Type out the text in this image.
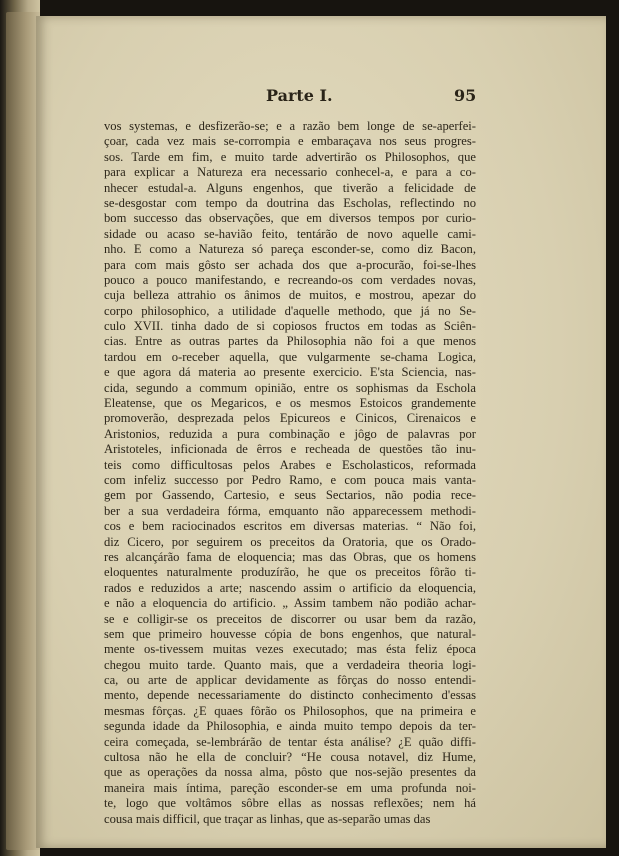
Parte I.	95
vos systemas, e desfizerão-se; e a razão bem longe de se-aperfei-
çoar, cada vez mais se-corrompia e embaraçava nos seus progres-
sos. Tarde em fim, e muito tarde advertirão os Philosophos, que
para explicar a Natureza era necessario conhecel-a, e para a co-
nhecer estudal-a. Alguns engenhos, que tiverão a felicidade de
se-desgostar com tempo da doutrina das Escholas, reflectindo no
bom successo das observações, que em diversos tempos por curio-
sidade ou acaso se-havião feito, tentárão de novo aquelle cami-
nho. E como a Natureza só pareça esconder-se, como diz Bacon,
para com mais gôsto ser achada dos que a-procurão, foi-se-lhes
pouco a pouco manifestando, e recreando-os com verdades novas,
cuja belleza attrahio os ânimos de muitos, e mostrou, apezar do
corpo philosophico, a utilidade d'aquelle methodo, que já no Se-
culo XVII. tinha dado de si copiosos fructos em todas as Sciên-
cias. Entre as outras partes da Philosophia não foi a que menos
tardou em o-receber aquella, que vulgarmente se-chama Logica,
e que agora dá materia ao presente exercicio. E'sta Sciencia, nas-
cida, segundo a commum opinião, entre os sophismas da Eschola
Eleatense, que os Megaricos, e os mesmos Estoicos grandemente
promoverão, desprezada pelos Epicureos e Cinicos, Cirenaicos e
Aristonios, reduzida a pura combinação e jôgo de palavras por
Aristoteles, inficionada de êrros e recheada de questões tão inu-
teis como difficultosas pelos Arabes e Escholasticos, reformada
com infeliz successo por Pedro Ramo, e com pouca mais vanta-
gem por Gassendo, Cartesio, e seus Sectarios, não podia rece-
ber a sua verdadeira fórma, emquanto não apparecessem methodi-
cos e bem raciocinados escritos em diversas materias. “ Não foi,
diz Cicero, por seguirem os preceitos da Oratoria, que os Orado-
res alcançárão fama de eloquencia; mas das Obras, que os homens
eloquentes naturalmente produzírão, he que os preceitos fôrão ti-
rados e reduzidos a arte; nascendo assim o artificio da eloquencia,
e não a eloquencia do artificio. „ Assim tambem não podião achar-
se e colligir-se os preceitos de discorrer ou usar bem da razão,
sem que primeiro houvesse cópia de bons engenhos, que natural-
mente os-tivessem muitas vezes executado; mas ésta feliz época
chegou muito tarde. Quanto mais, que a verdadeira theoria logi-
ca, ou arte de applicar devidamente as fôrças do nosso entendi-
mento, depende necessariamente do distincto conhecimento d'essas
mesmas fôrças. ¿E quaes fôrão os Philosophos, que na primeira e
segunda idade da Philosophia, e ainda muito tempo depois da ter-
ceira começada, se-lembrárão de tentar ésta análise? ¿E quão diffi-
cultosa não he ella de concluir? “He cousa notavel, diz Hume,
que as operações da nossa alma, pôsto que nos-sejão presentes da
maneira mais íntima, pareção esconder-se em uma profunda noi-
te, logo que voltâmos sôbre ellas as nossas reflexões; nem há
cousa mais difficil, que traçar as linhas, que as-separão umas das
